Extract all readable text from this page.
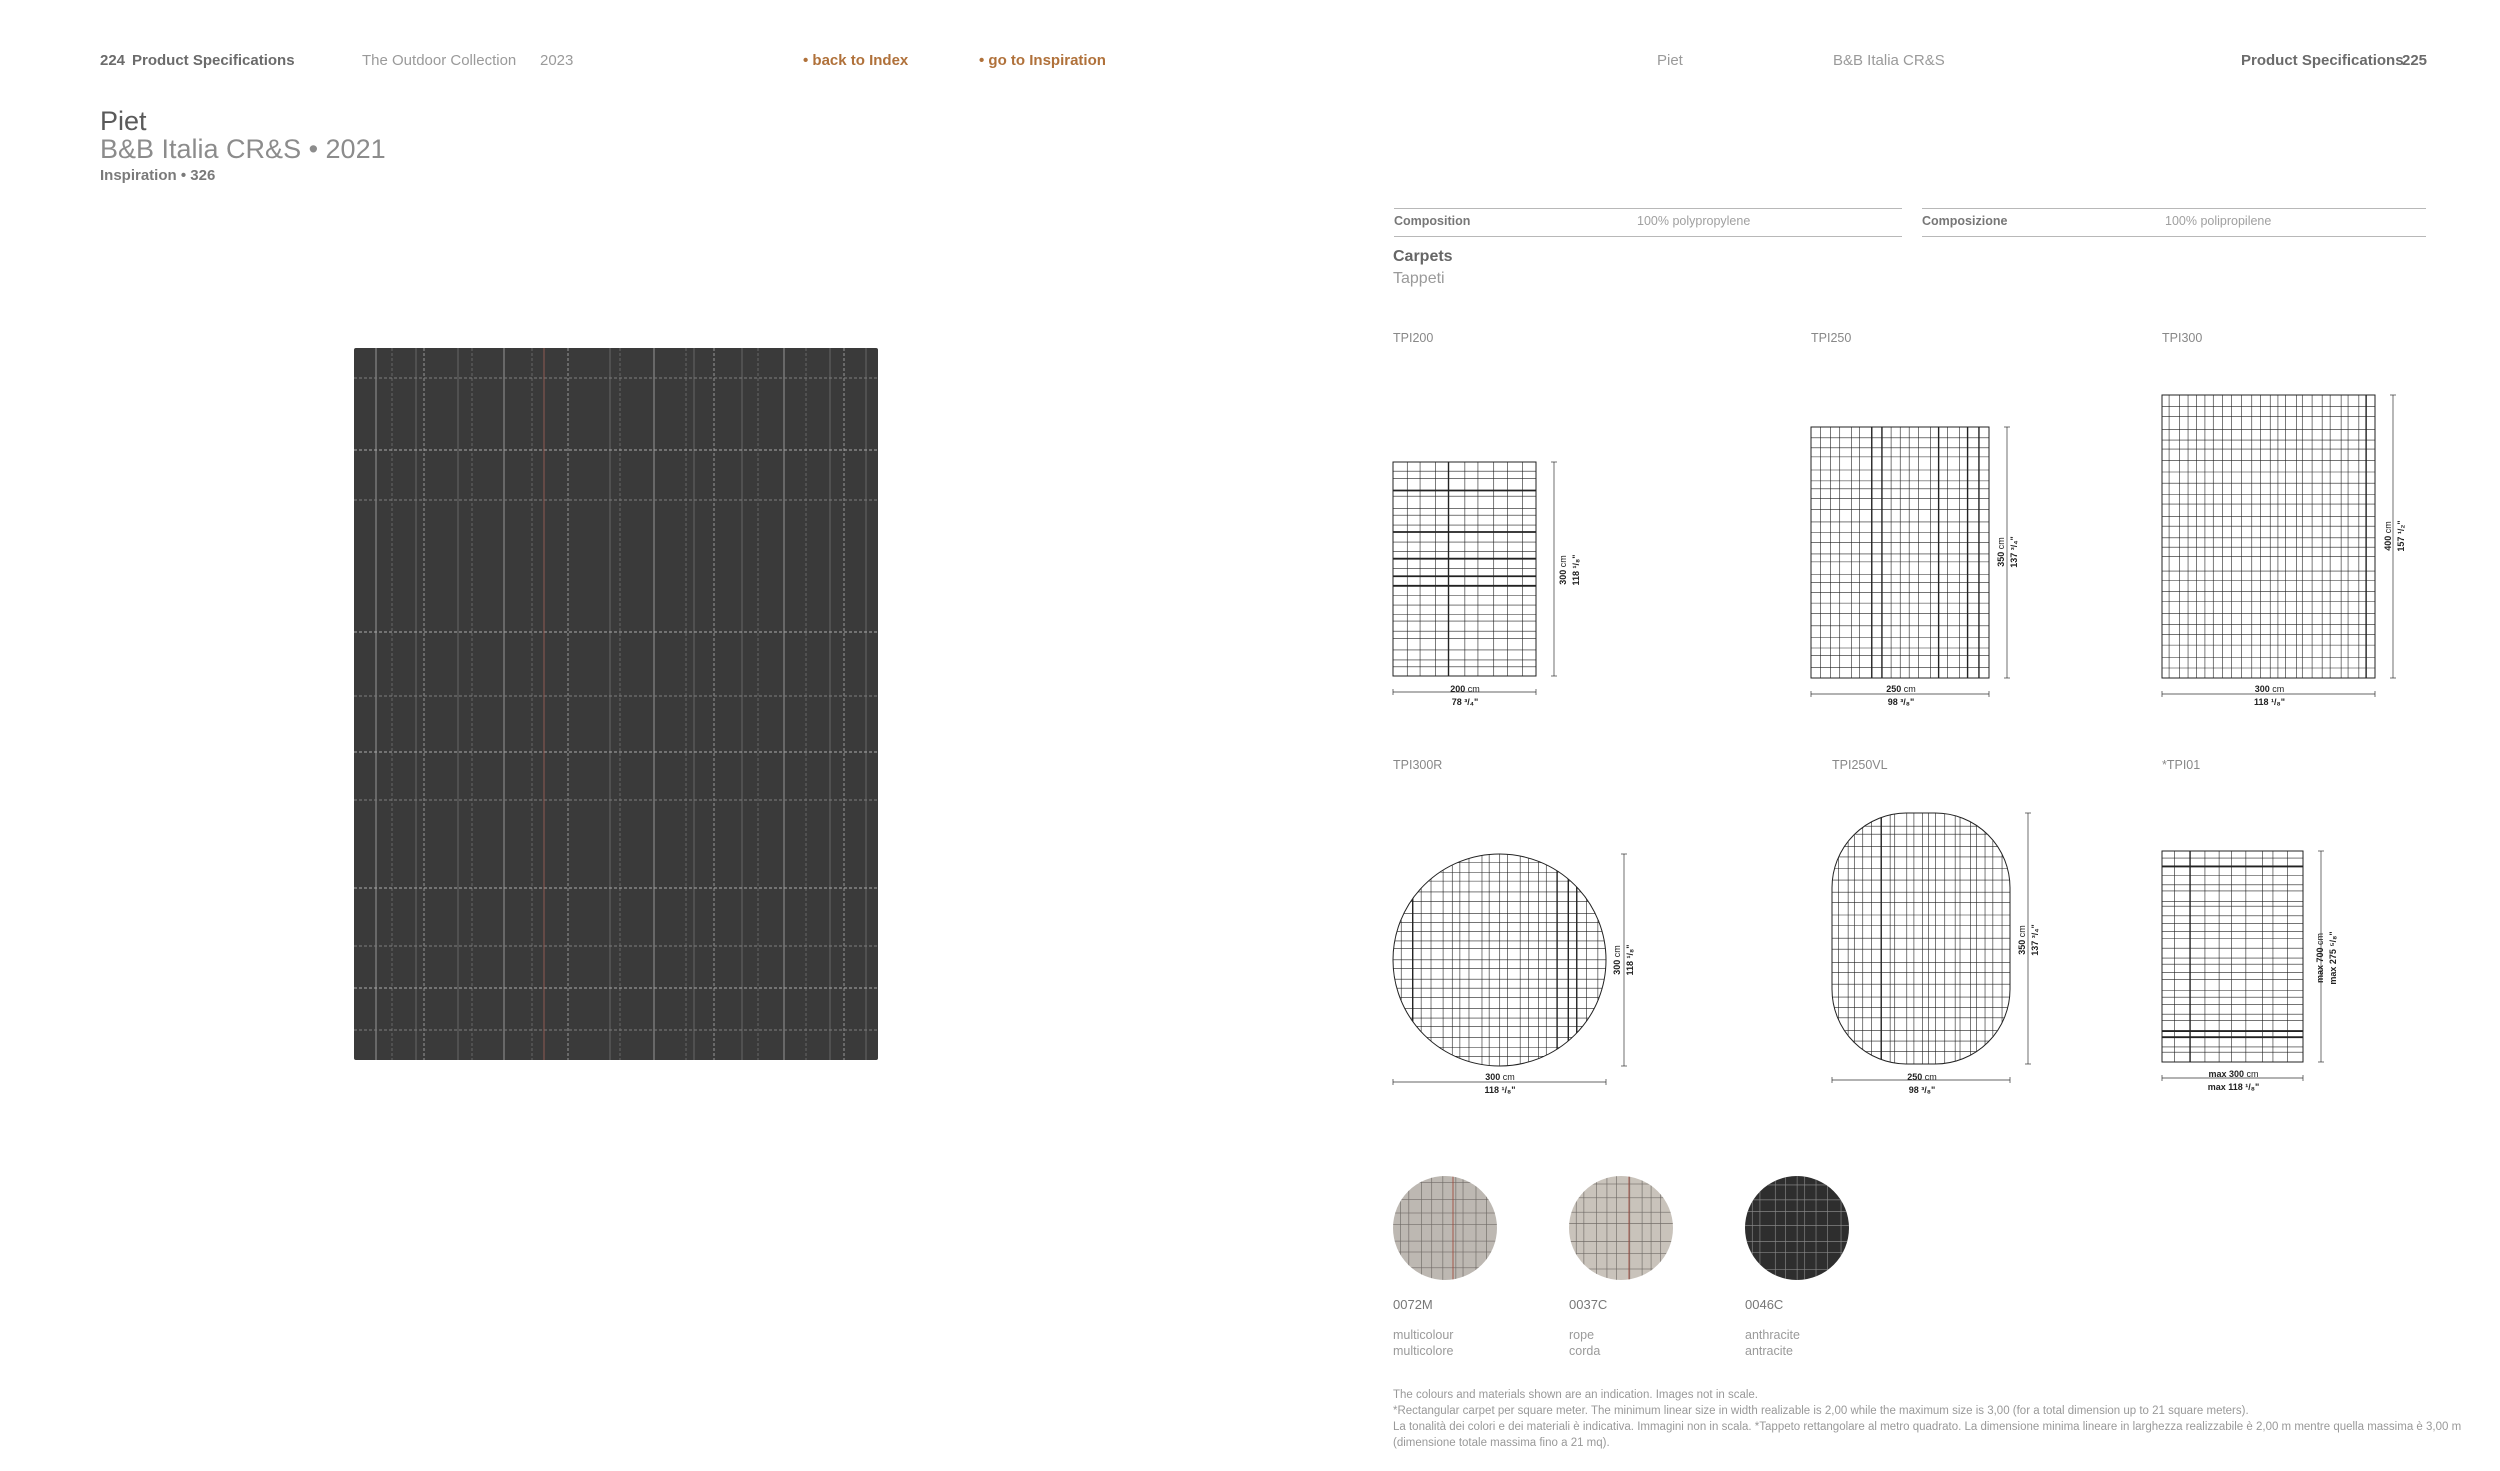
224 Product Specifications	The Outdoor Collection 2023	• back to Index	• go to Inspiration	Piet	B&B Italia CR&S	Product Specifications
225
Piet
B&B Italia CR&S • 2021
Inspiration • 326
Composition	100% polypropylene	Composizione	100% polipropilene
Carpets
Tappeti
TPI200	TPI250	TPI300
TPI300R	TPI250VL	*TPI01
200 cm
78 ³/₄"
250 cm
98 ³/₈"
300 cm
118 ¹/₈"
300 cm
118 ¹/₈"
250 cm
98 ³/₈"
max 300 cm
max 118 ¹/₈"
300 cm 118 ¹/₈"	350 cm 137 ³/₄"	400 cm 157 ¹/₂"
300 cm 118 ¹/₈"	350 cm 137 ³/₄"
max 700 cm max 275 ⁵/₈"
0072M
multicolour
multicolore
0037C
rope
corda
0046C
anthracite
antracite
The colours and materials shown are an indication. Images not in scale.
*Rectangular carpet per square meter. The minimum linear size in width realizable is 2,00 while the maximum size is 3,00 (for a total dimension up to 21 square meters).
La tonalità dei colori e dei materiali è indicativa. Immagini non in scala. *Tappeto rettangolare al metro quadrato. La dimensione minima lineare in larghezza realizzabile è 2,00 m mentre quella massima è 3,00 m (dimensione totale massima fino a 21 mq).
